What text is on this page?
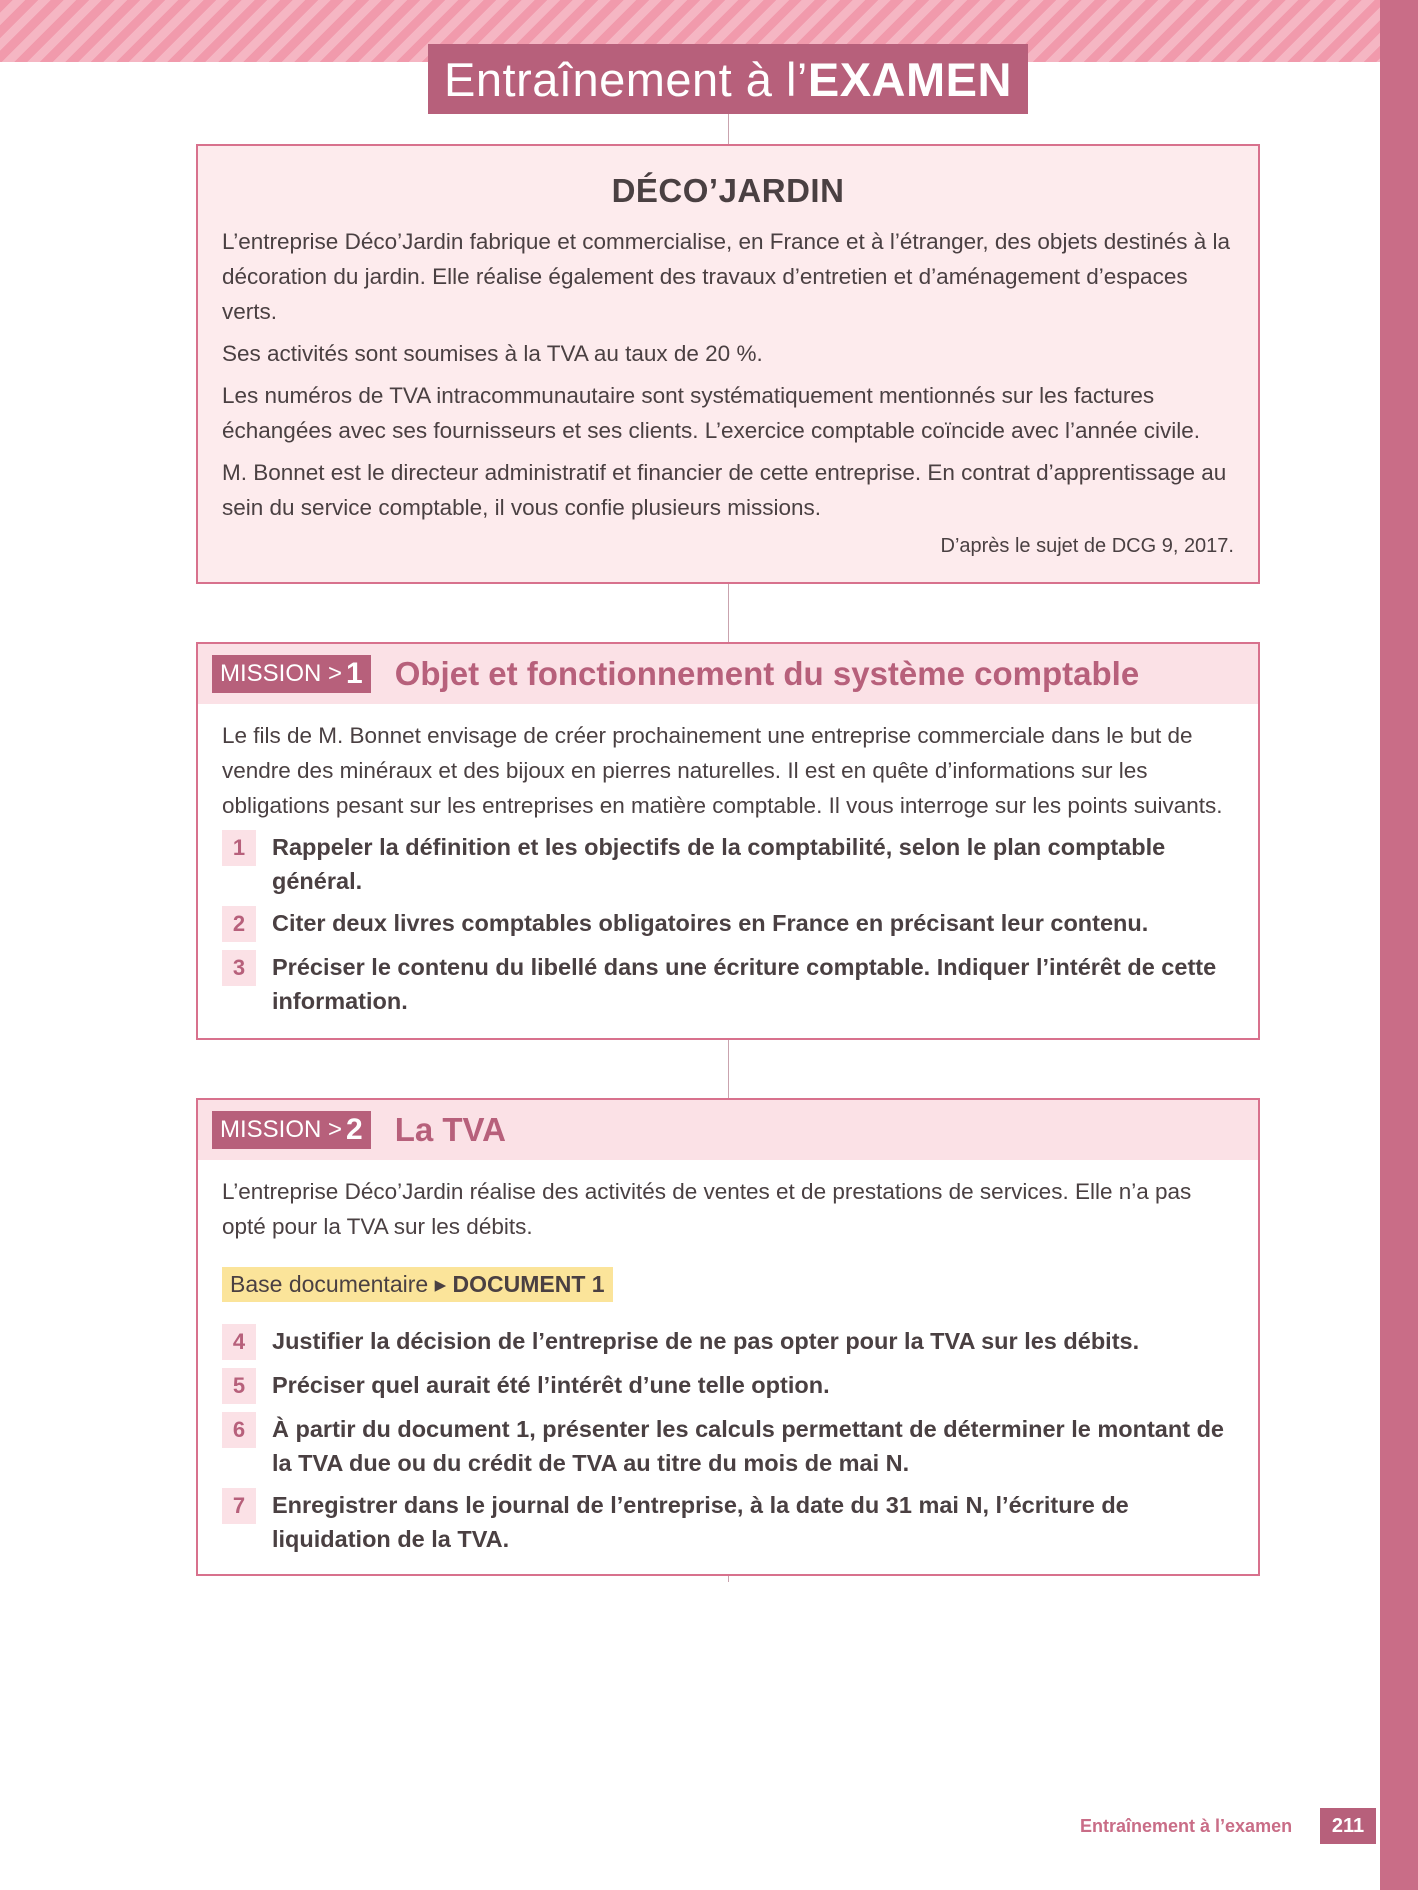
Entraînement à l’ EXAMEN
DÉCO’JARDIN

L’entreprise Déco’Jardin fabrique et commercialise, en France et à l’étranger, des objets destinés à la décoration du jardin. Elle réalise également des travaux d’entretien et d’aménagement d’espaces verts.

Ses activités sont soumises à la TVA au taux de 20 %.

Les numéros de TVA intracommunautaire sont systématiquement mentionnés sur les factures échangées avec ses fournisseurs et ses clients. L’exercice comptable coïncide avec l’année civile.

M. Bonnet est le directeur administratif et financier de cette entreprise. En contrat d’apprentissage au sein du service comptable, il vous confie plusieurs missions.

D’après le sujet de DCG 9, 2017.
MISSION > 1 Objet et fonctionnement du système comptable

Le fils de M. Bonnet envisage de créer prochainement une entreprise commerciale dans le but de vendre des minéraux et des bijoux en pierres naturelles. Il est en quête d’informations sur les obligations pesant sur les entreprises en matière comptable. Il vous interroge sur les points suivants.

1	Rappeler la définition et les objectifs de la comptabilité, selon le plan comptable général.
2	Citer deux livres comptables obligatoires en France en précisant leur contenu.
3	Préciser le contenu du libellé dans une écriture comptable. Indiquer l’intérêt de cette information.
MISSION > 2 La TVA

L’entreprise Déco’Jardin réalise des activités de ventes et de prestations de services. Elle n’a pas opté pour la TVA sur les débits.

Base documentaire ▸ DOCUMENT 1
4	Justifier la décision de l’entreprise de ne pas opter pour la TVA sur les débits.
5	Préciser quel aurait été l’intérêt d’une telle option.
6	À partir du document 1, présenter les calculs permettant de déterminer le montant de la TVA due ou du crédit de TVA au titre du mois de mai N.
7	Enregistrer dans le journal de l’entreprise, à la date du 31 mai N, l’écriture de liquidation de la TVA.
Entraînement à l’examen	211
